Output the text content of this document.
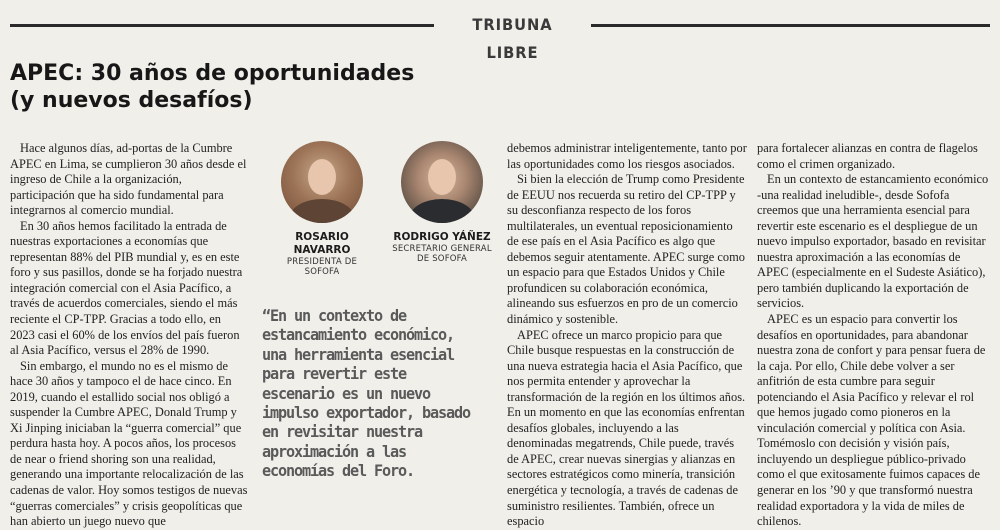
TRIBUNA LIBRE
APEC: 30 años de oportunidades (y nuevos desafíos)

Hace algunos días, ad-portas de la Cumbre APEC en Lima, se cumplieron 30 años desde el ingreso de Chile a la organización, participación que ha sido fundamental para integrarnos al comercio mundial.

En 30 años hemos facilitado la entrada de nuestras exportaciones a economías que representan 88% del PIB mundial y, es en este foro y sus pasillos, donde se ha forjado nuestra integración comercial con el Asia Pacífico, a través de acuerdos comerciales, siendo el más reciente el CP-TPP. Gracias a todo ello, en 2023 casi el 60% de los envíos del país fueron al Asia Pacífico, versus el 28% de 1990.

Sin embargo, el mundo no es el mismo de hace 30 años y tampoco el de hace cinco. En 2019, cuando el estallido social nos obligó a suspender la Cumbre APEC, Donald Trump y Xi Jinping iniciaban la “guerra comercial” que perdura hasta hoy. A pocos años, los procesos de near o friend shoring son una realidad, generando una importante relocalización de las cadenas de valor. Hoy somos testigos de nuevas “guerras comerciales” y crisis geopolíticas que han abierto un juego nuevo que

ROSARIO
NAVARRO
PRESIDENTA DE
SOFOFA
RODRIGO YÁÑEZ
SECRETARIO GENERAL
DE SOFOFA

“En un contexto de estancamiento económico, una herramienta esencial para revertir este escenario es un nuevo impulso exportador, basado en revisitar nuestra aproximación a las economías del Foro.

debemos administrar inteligentemente, tanto por las oportunidades como los riesgos asociados.

Si bien la elección de Trump como Presidente de EEUU nos recuerda su retiro del CP-TPP y su desconfianza respecto de los foros multilaterales, un eventual reposicionamiento de ese país en el Asia Pacífico es algo que debemos seguir atentamente. APEC surge como un espacio para que Estados Unidos y Chile profundicen su colaboración económica, alineando sus esfuerzos en pro de un comercio dinámico y sostenible.

APEC ofrece un marco propicio para que Chile busque respuestas en la construcción de una nueva estrategia hacia el Asia Pacífico, que nos permita entender y aprovechar la transformación de la región en los últimos años. En un momento en que las economías enfrentan desafíos globales, incluyendo a las denominadas megatrends, Chile puede, través de APEC, crear nuevas sinergias y alianzas en sectores estratégicos como minería, transición energética y tecnología, a través de cadenas de suministro resilientes. También, ofrece un espacio

para fortalecer alianzas en contra de flagelos como el crimen organizado.

En un contexto de estancamiento económico -una realidad ineludible-, desde Sofofa creemos que una herramienta esencial para revertir este escenario es el despliegue de un nuevo impulso exportador, basado en revisitar nuestra aproximación a las economías de APEC (especialmente en el Sudeste Asiático), pero también duplicando la exportación de servicios.

APEC es un espacio para convertir los desafíos en oportunidades, para abandonar nuestra zona de confort y para pensar fuera de la caja. Por ello, Chile debe volver a ser anfitrión de esta cumbre para seguir potenciando el Asia Pacífico y relevar el rol que hemos jugado como pioneros en la vinculación comercial y política con Asia. Tomémoslo con decisión y visión país, incluyendo un despliegue público-privado como el que exitosamente fuimos capaces de generar en los ’90 y que transformó nuestra realidad exportadora y la vida de miles de chilenos.
